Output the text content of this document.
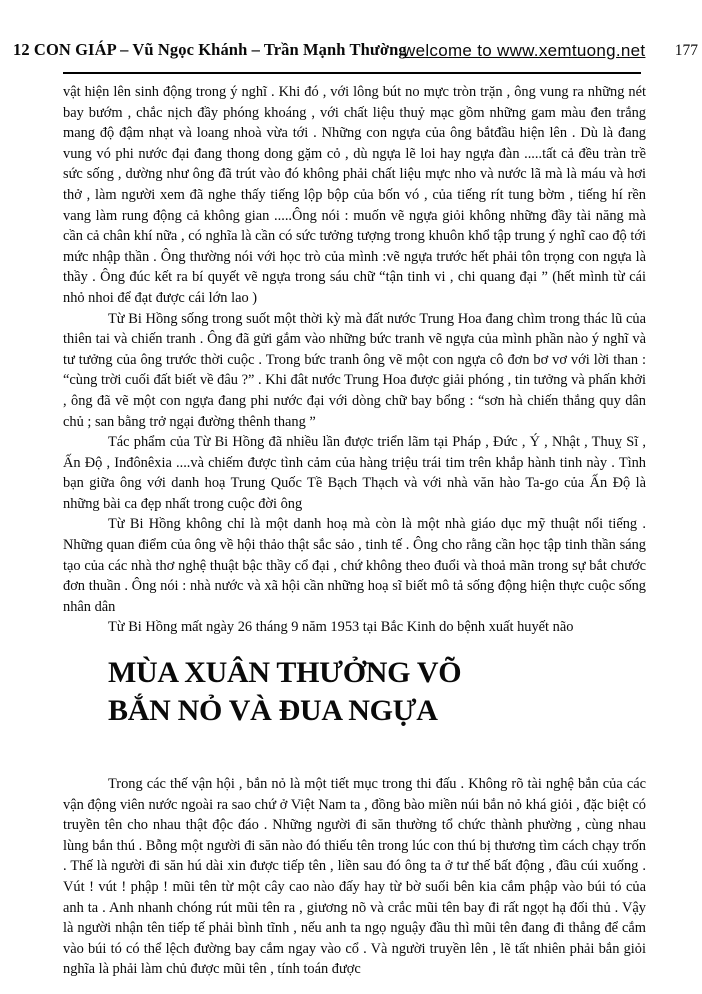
12 CON GIÁP – Vũ Ngọc Khánh – Trần Mạnh Thường
welcome to www.xemtuong.net 177

vật hiện lên sinh động trong ý nghĩ . Khi đó , với lông bút no mực tròn trặn , ông vung ra những nét bay bướm , chắc nịch đầy phóng khoáng , với chất liệu thuỷ mạc gồm những gam màu đen trắng mang độ đậm nhạt và loang nhoà vừa tới . Những con ngựa của ông bắtđầu hiện lên . Dù là đang vung vó phi nước đại đang thong dong gặm cỏ , dù ngựa lẽ loi hay ngựa đàn .....tất cả đều tràn trề sức sống , dường như ông đã trút vào đó không phải chất liệu mực nho và nước lã mà là máu và hơi thở , làm người xem đã nghe thấy tiếng lộp bộp của bốn vó , của tiếng rít tung bờm , tiếng hí rền vang làm rung động cả không gian .....Ông nói : muốn vẽ ngựa giỏi không những đầy tài năng mà cần cả chân khí nữa , có nghĩa là cần có sức tưởng tượng trong khuôn khổ tập trung ý nghĩ cao độ tới mức nhập thần . Ông thường nói với học trò của mình :vẽ ngựa trước hết phải tôn trọng con ngựa là thầy . Ông đúc kết ra bí quyết vẽ ngựa trong sáu chữ “tận tinh vi , chi quang đại ” (hết mình từ cái nhỏ nhoi để đạt được cái lớn lao )

Từ Bi Hồng sống trong suốt một thời kỳ mà đất nước Trung Hoa đang chìm trong thác lũ của thiên tai và chiến tranh . Ông đã gửi gắm vào những bức tranh vẽ ngựa của mình phần nào ý nghĩ và tư tưởng của ông trước thời cuộc . Trong bức tranh ông vẽ một con ngựa cô đơn bơ vơ với lời than : “cùng trời cuối đất biết về đâu ?” . Khi đât nước Trung Hoa được giải phóng , tin tưởng và phấn khởi , ông đã vẽ một con ngựa đang phi nước đại với dòng chữ bay bổng : “sơn hà chiến thắng quy dân chủ ; san bằng trở ngại đường thênh thang ”

Tác phẩm của Từ Bi Hồng đã nhiều lần được triển lãm tại Pháp , Đức , Ý , Nhật , Thuỵ Sĩ , Ấn Độ , Inđônêxia ....và chiếm được tình cảm của hàng triệu trái tim trên khắp hành tinh này . Tình bạn giữa ông với danh hoạ Trung Quốc Tề Bạch Thạch và với nhà văn hào Ta-go của Ấn Độ là những bài ca đẹp nhất trong cuộc đời ông

Từ Bi Hồng không chỉ là một danh hoạ mà còn là một nhà giáo dục mỹ thuật nổi tiếng . Những quan điểm của ông về hội thảo thật sắc sảo , tinh tế . Ông cho rằng cần học tập tinh thần sáng tạo của các nhà thơ nghệ thuật bậc thầy cổ đại , chứ không theo đuổi và thoả mãn trong sự bắt chước đơn thuần . Ông nói : nhà nước và xã hội cần những hoạ sĩ biết mô tả sống động hiện thực cuộc sống nhân dân

Từ Bi Hồng mất ngày 26 tháng 9 năm 1953 tại Bắc Kinh do bệnh xuất huyết não

MÙA XUÂN THƯỞNG VÕ
BẮN NỎ VÀ ĐUA NGỰA

Trong các thế vận hội , bắn nỏ là một tiết mục trong thi đấu . Không rõ tài nghệ bắn của các vận động viên nước ngoài ra sao chứ ở Việt Nam ta , đồng bào miền núi bắn nỏ khá giỏi , đặc biệt có truyền tên cho nhau thật độc đáo . Những người đi săn thường tổ chức thành phường , cùng nhau lùng bắn thú . Bỗng một người đi săn nào đó thiếu tên trong lúc con thú bị thương tìm cách chạy trốn . Thế là người đi săn hú dài xin được tiếp tên , liền sau đó ông ta ở tư thế bất động , đầu cúi xuống . Vút ! vút ! phập ! mũi tên từ một cây cao nào đấy hay từ bờ suối bên kia cắm phập vào búi tó của anh ta . Anh nhanh chóng rút mũi tên ra , giương nõ và crắc mũi tên bay đi rất ngọt hạ đối thủ . Vậy là người nhận tên tiếp tế phải bình tĩnh , nếu anh ta ngọ nguậy đầu thì mũi tên đang đi thẳng để cắm vào búi tó có thể lệch đường bay cắm ngay vào cổ . Và người truyền lên , lẽ tất nhiên phải bắn giỏi nghĩa là phải làm chủ được mũi tên , tính toán được
